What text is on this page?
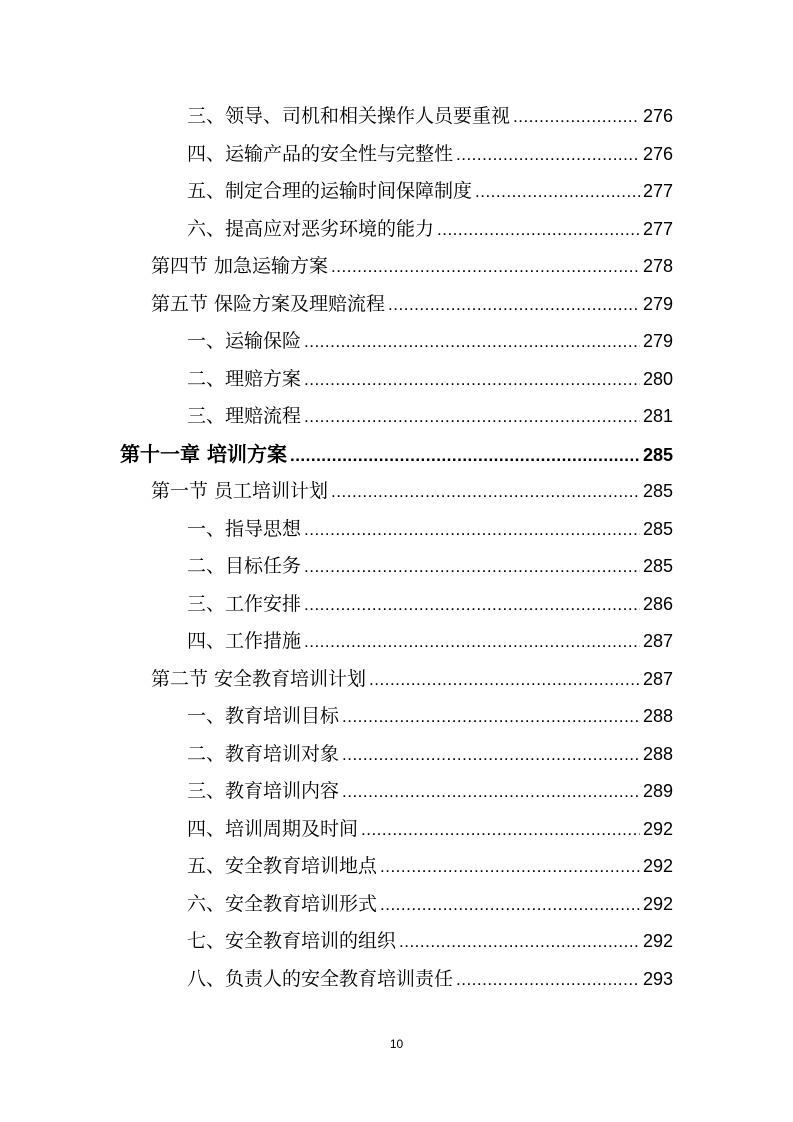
三、领导、司机和相关操作人员要重视 .....	276
四、运输产品的安全性与完整性 .....	276
五、制定合理的运输时间保障制度 .....	277
六、提高应对恶劣环境的能力 .....	277
第四节 加急运输方案 .....	278
第五节 保险方案及理赔流程 .....	279
一、运输保险 .....	279
二、理赔方案 .....	280
三、理赔流程 .....	281
第十一章 培训方案 .....	285
第一节 员工培训计划 .....	285
一、指导思想 .....	285
二、目标任务 .....	285
三、工作安排 .....	286
四、工作措施 .....	287
第二节 安全教育培训计划 .....	287
一、教育培训目标 .....	288
二、教育培训对象 .....	288
三、教育培训内容 .....	289
四、培训周期及时间 .....	292
五、安全教育培训地点 .....	292
六、安全教育培训形式 .....	292
七、安全教育培训的组织 .....	292
八、负责人的安全教育培训责任 .....	293
10
